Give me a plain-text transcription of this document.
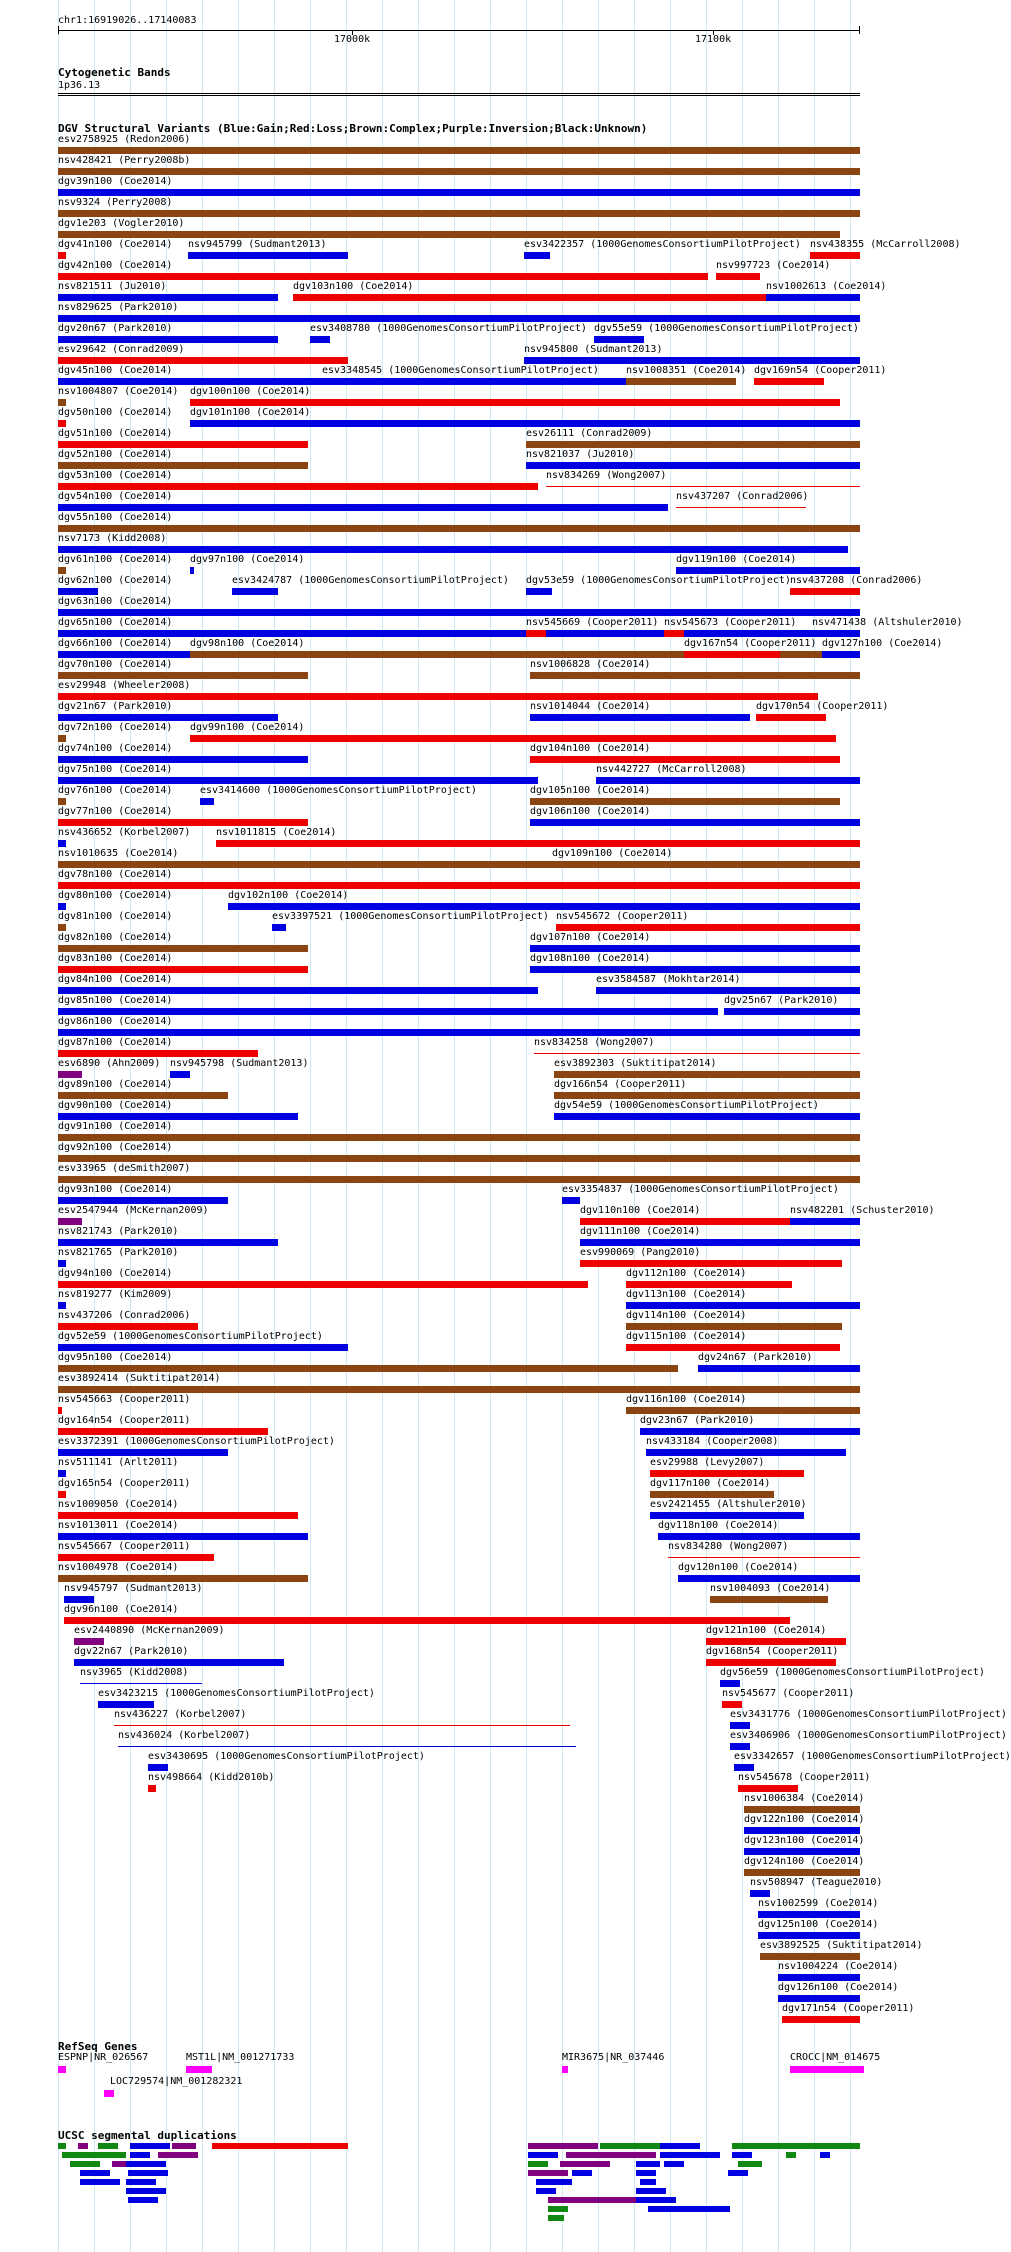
chr1:16919026..17140083
17000k	17100k
Cytogenetic Bands
1p36.13
DGV Structural Variants (Blue:Gain;Red:Loss;Brown:Complex;Purple:Inversion;Black:Unknown)
esv2758925 (Redon2006)
nsv428421 (Perry2008b)
dgv39n100 (Coe2014)
nsv9324 (Perry2008)
dgv1e203 (Vogler2010)
dgv41n100 (Coe2014) nsv945799 (Sudmant2013)	esv3422357 (1000GenomesConsortiumPilotProject) nsv438355 (McCarroll2008)
dgv42n100 (Coe2014)	nsv997723 (Coe2014)
nsv821511 (Ju2010)	dgv103n100 (Coe2014)	nsv1002613 (Coe2014)
nsv829625 (Park2010)
dgv20n67 (Park2010)	esv3408780 (1000GenomesConsortiumPilotProject) dgv55e59 (1000GenomesConsortiumPilotProject)
esv29642 (Conrad2009)	nsv945800 (Sudmant2013)
dgv45n100 (Coe2014)	esv3348545 (1000GenomesConsortiumPilotProject)	nsv1008351 (Coe2014) dgv169n54 (Cooper2011)
nsv1004807 (Coe2014) dgv100n100 (Coe2014)
dgv50n100 (Coe2014) dgv101n100 (Coe2014)
dgv51n100 (Coe2014)	esv26111 (Conrad2009)
dgv52n100 (Coe2014)	nsv821037 (Ju2010)
dgv53n100 (Coe2014)	nsv834269 (Wong2007)
dgv54n100 (Coe2014)	nsv437207 (Conrad2006)
dgv55n100 (Coe2014)
nsv7173 (Kidd2008)
dgv61n100 (Coe2014) dgv97n100 (Coe2014)	dgv119n100 (Coe2014)
dgv62n100 (Coe2014)	esv3424787 (1000GenomesConsortiumPilotProject) dgv53e59 (1000GenomesConsortiumPilotProject) nsv437208 (Conrad2006)
dgv63n100 (Coe2014)
dgv65n100 (Coe2014)	nsv545669 (Cooper2011) nsv545673 (Cooper2011) nsv471438 (Altshuler2010)
dgv66n100 (Coe2014) dgv98n100 (Coe2014)	dgv167n54 (Cooper2011) dgv127n100 (Coe2014)
dgv70n100 (Coe2014)	nsv1006828 (Coe2014)
esv29948 (Wheeler2008)
dgv21n67 (Park2010)	nsv1014044 (Coe2014)	dgv170n54 (Cooper2011)
dgv72n100 (Coe2014) dgv99n100 (Coe2014)
dgv74n100 (Coe2014)	dgv104n100 (Coe2014)
dgv75n100 (Coe2014)	nsv442727 (McCarroll2008)
dgv76n100 (Coe2014)	esv3414600 (1000GenomesConsortiumPilotProject)	dgv105n100 (Coe2014)
dgv77n100 (Coe2014)	dgv106n100 (Coe2014)
nsv436652 (Korbel2007)	nsv1011815 (Coe2014)
nsv1010635 (Coe2014)	dgv109n100 (Coe2014)
dgv78n100 (Coe2014)
dgv80n100 (Coe2014)	dgv102n100 (Coe2014)
dgv81n100 (Coe2014)	esv3397521 (1000GenomesConsortiumPilotProject) nsv545672 (Cooper2011)
dgv82n100 (Coe2014)	dgv107n100 (Coe2014)
dgv83n100 (Coe2014)	dgv108n100 (Coe2014)
dgv84n100 (Coe2014)	esv3584587 (Mokhtar2014)
dgv85n100 (Coe2014)	dgv25n67 (Park2010)
dgv86n100 (Coe2014)
dgv87n100 (Coe2014)	nsv834258 (Wong2007)
esv6890 (Ahn2009) nsv945798 (Sudmant2013)	esv3892303 (Suktitipat2014)
dgv89n100 (Coe2014)	dgv166n54 (Cooper2011)
dgv90n100 (Coe2014)	dgv54e59 (1000GenomesConsortiumPilotProject)
dgv91n100 (Coe2014)
dgv92n100 (Coe2014)
esv33965 (deSmith2007)
dgv93n100 (Coe2014)	esv3354837 (1000GenomesConsortiumPilotProject)
esv2547944 (McKernan2009)	dgv110n100 (Coe2014)	nsv482201 (Schuster2010)
nsv821743 (Park2010)	dgv111n100 (Coe2014)
nsv821765 (Park2010)	esv990069 (Pang2010)
dgv94n100 (Coe2014)	dgv112n100 (Coe2014)
nsv819277 (Kim2009)	dgv113n100 (Coe2014)
nsv437206 (Conrad2006)	dgv114n100 (Coe2014)
dgv52e59 (1000GenomesConsortiumPilotProject)	dgv115n100 (Coe2014)
dgv95n100 (Coe2014)	dgv24n67 (Park2010)
esv3892414 (Suktitipat2014)
nsv545663 (Cooper2011)	dgv116n100 (Coe2014)
dgv164n54 (Cooper2011)	dgv23n67 (Park2010)
esv3372391 (1000GenomesConsortiumPilotProject)	nsv433184 (Cooper2008)
nsv511141 (Arlt2011)	esv29988 (Levy2007)
dgv165n54 (Cooper2011)	dgv117n100 (Coe2014)
nsv1009050 (Coe2014)	esv2421455 (Altshuler2010)
nsv1013011 (Coe2014)	dgv118n100 (Coe2014)
nsv545667 (Cooper2011)	nsv834280 (Wong2007)
nsv1004978 (Coe2014)	dgv120n100 (Coe2014)
nsv945797 (Sudmant2013)	nsv1004093 (Coe2014)
dgv96n100 (Coe2014)
esv2440890 (McKernan2009)	dgv121n100 (Coe2014)
dgv22n67 (Park2010)	dgv168n54 (Cooper2011)
nsv3965 (Kidd2008)	dgv56e59 (1000GenomesConsortiumPilotProject)
esv3423215 (1000GenomesConsortiumPilotProject)	nsv545677 (Cooper2011)
nsv436227 (Korbel2007)	esv3431776 (1000GenomesConsortiumPilotProject)
nsv436024 (Korbel2007)	esv3406906 (1000GenomesConsortiumPilotProject)
esv3430695 (1000GenomesConsortiumPilotProject)	esv3342657 (1000GenomesConsortiumPilotProject)
nsv498664 (Kidd2010b)	nsv545678 (Cooper2011)
nsv1006384 (Coe2014)
dgv122n100 (Coe2014)
dgv123n100 (Coe2014)
dgv124n100 (Coe2014)
nsv508947 (Teague2010)
nsv1002599 (Coe2014)
dgv125n100 (Coe2014)
esv3892525 (Suktitipat2014)
nsv1004224 (Coe2014)
dgv126n100 (Coe2014)
dgv171n54 (Cooper2011)
RefSeq Genes
ESPNP|NR_026567	MST1L|NM_001271733
LOC729574|NM_001282321
MIR3675|NR_037446	CROCC|NM_014675
UCSC segmental duplications
